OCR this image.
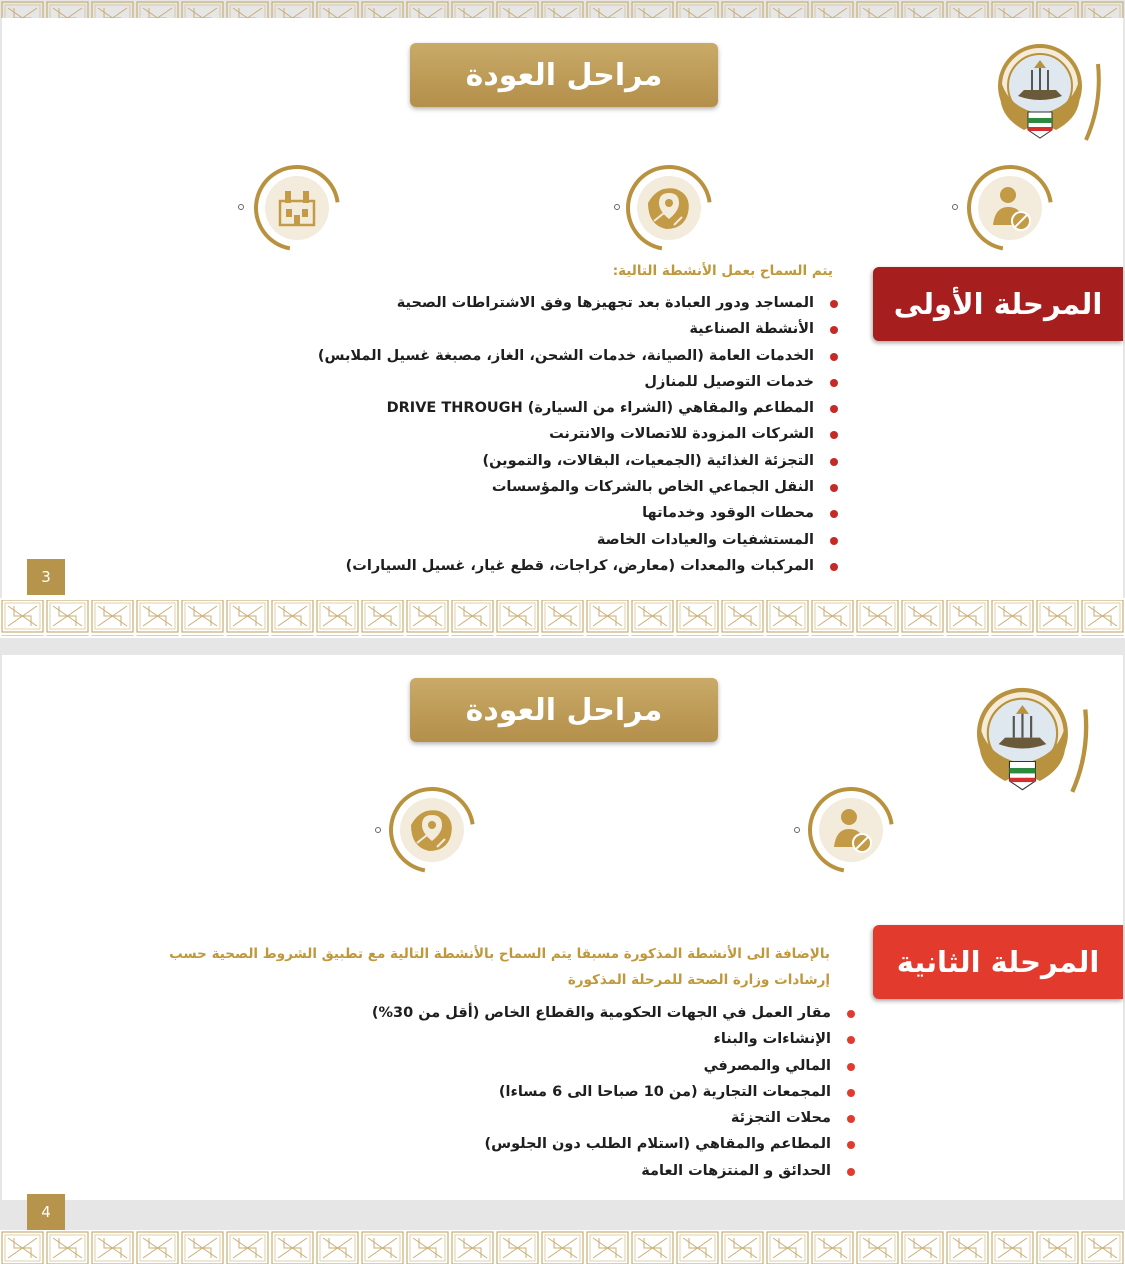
مراحل العودة
المرحلة الأولى
يتم السماح بعمل الأنشطة التالية:
المساجد ودور العبادة بعد تجهيزها وفق الاشتراطات الصحية
الأنشطة الصناعية
الخدمات العامة (الصيانة، خدمات الشحن، الغاز، مصبغة غسيل الملابس)
خدمات التوصيل للمنازل
المطاعم والمقاهي (الشراء من السيارة) DRIVE THROUGH
الشركات المزودة للاتصالات والانترنت
التجزئة الغذائية (الجمعيات، البقالات، والتموين)
النقل الجماعي الخاص بالشركات والمؤسسات
محطات الوقود وخدماتها
المستشفيات والعيادات الخاصة
المركبات والمعدات (معارض، كراجات، قطع غيار، غسيل السيارات)
3
مراحل العودة
المرحلة الثانية
بالإضافة الى الأنشطة المذكورة مسبقا يتم السماح بالأنشطة التالية مع تطبيق الشروط الصحية حسب
إرشادات وزارة الصحة للمرحلة المذكورة
مقار العمل في الجهات الحكومية والقطاع الخاص (أقل من 30%)
الإنشاءات والبناء
المالي والمصرفي
المجمعات التجارية (من 10 صباحا الى 6 مساءا)
محلات التجزئة
المطاعم والمقاهي (استلام الطلب دون الجلوس)
الحدائق و المنتزهات العامة
4
